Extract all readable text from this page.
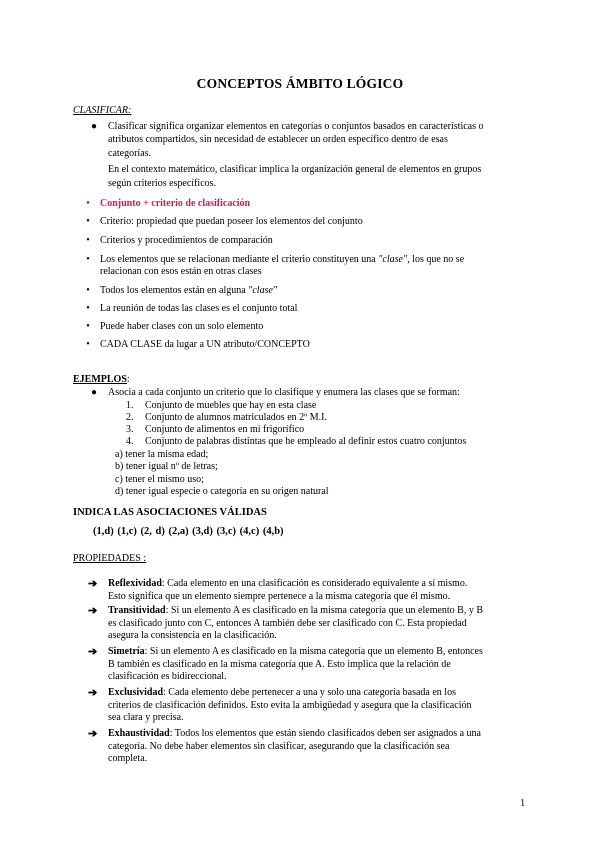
CONCEPTOS ÁMBITO LÓGICO
CLASIFICAR:
● Clasificar significa organizar elementos en categorías o conjuntos basados en características o
atributos compartidos, sin necesidad de establecer un orden específico dentro de esas
categorías.
En el contexto matemático, clasificar implica la organización general de elementos en grupos
según criterios específicos.
• Conjunto + criterio de clasificación
• Criterio: propiedad que puedan poseer los elementos del conjunto
• Criterios y procedimientos de comparación
• Los elementos que se relacionan mediante el criterio constituyen una "clase", los que no se
relacionan con esos están en otras clases
• Todos los elementos están en alguna "clase"
• La reunión de todas las clases es el conjunto total
• Puede haber clases con un solo elemento
• CADA CLASE da lugar a UN atributo/CONCEPTO
EJEMPLOS:
● Asocia a cada conjunto un criterio que lo clasifique y enumera las clases que se forman:
1. Conjunto de muebles que hay en esta clase
2. Conjunto de alumnos matriculados en 2º M.I.
3. Conjunto de alimentos en mi frigorífico
4. Conjunto de palabras distintas que he empleado al definir estos cuatro conjuntos
a) tener la misma edad;
b) tener igual nº de letras;
c) tener el mismo uso;
d) tener igual especie o categoría en su origen natural
INDICA LAS ASOCIACIONES VÁLIDAS
(1,d) (1,c) (2, d) (2,a) (3,d) (3,c) (4,c) (4,b)
PROPIEDADES :
➔ Reflexividad: Cada elemento en una clasificación es considerado equivalente a sí mismo.
Esto significa que un elemento siempre pertenece a la misma categoría que él mismo.
➔ Transitividad: Si un elemento A es clasificado en la misma categoría que un elemento B, y B
es clasificado junto con C, entonces A también debe ser clasificado con C. Esta propiedad
asegura la consistencia en la clasificación.
➔ Simetría: Si un elemento A es clasificado en la misma categoría que un elemento B, entonces
B también es clasificado en la misma categoría que A. Esto implica que la relación de
clasificación es bidireccional.
➔ Exclusividad: Cada elemento debe pertenecer a una y solo una categoría basada en los
criterios de clasificación definidos. Esto evita la ambigüedad y asegura que la clasificación
sea clara y precisa.
➔ Exhaustividad: Todos los elementos que están siendo clasificados deben ser asignados a una
categoría. No debe haber elementos sin clasificar, asegurando que la clasificación sea
completa.
1
